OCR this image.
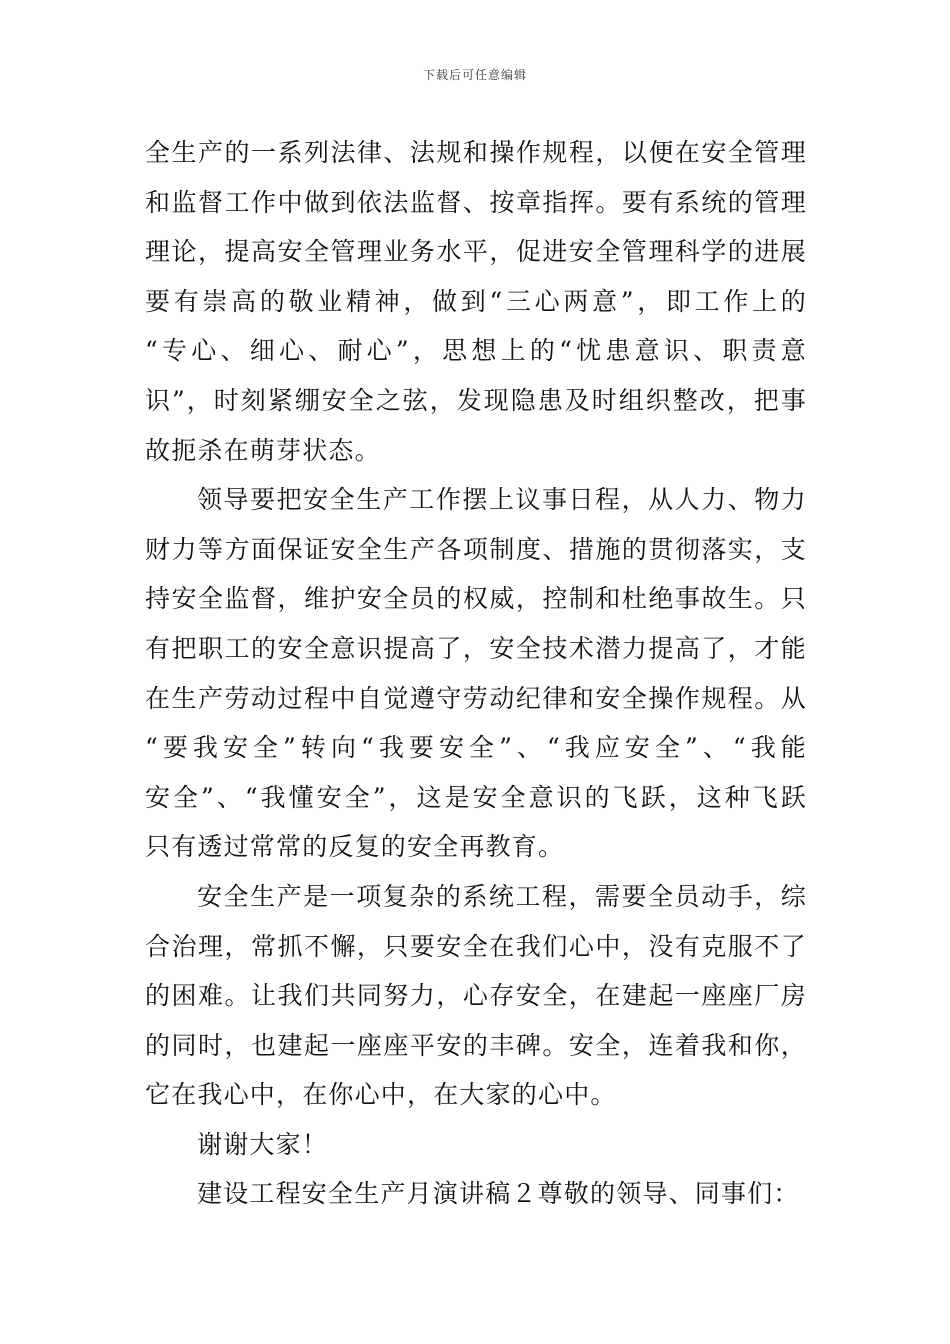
下载后可任意编辑
全生产的一系列法律、法规和操作规程，以便在安全管理
和监督工作中做到依法监督、按章指挥。要有系统的管理
理论，提高安全管理业务水平，促进安全管理科学的进展
要有崇高的敬业精神，做到“三心两意”，即工作上的
“专心、细心、耐心”，思想上的“忧患意识、职责意
识”，时刻紧绷安全之弦，发现隐患及时组织整改，把事
故扼杀在萌芽状态。
领导要把安全生产工作摆上议事日程，从人力、物力
财力等方面保证安全生产各项制度、措施的贯彻落实，支
持安全监督，维护安全员的权威，控制和杜绝事故生。只
有把职工的安全意识提高了，安全技术潜力提高了，才能
在生产劳动过程中自觉遵守劳动纪律和安全操作规程。从
“要我安全”转向“我要安全”、“我应安全”、“我能
安全”、“我懂安全”，这是安全意识的飞跃，这种飞跃
只有透过常常的反复的安全再教育。
安全生产是一项复杂的系统工程，需要全员动手，综
合治理，常抓不懈，只要安全在我们心中，没有克服不了
的困难。让我们共同努力，心存安全，在建起一座座厂房
的同时，也建起一座座平安的丰碑。安全，连着我和你，
它在我心中，在你心中，在大家的心中。
谢谢大家！
建设工程安全生产月演讲稿２尊敬的领导、同事们：
